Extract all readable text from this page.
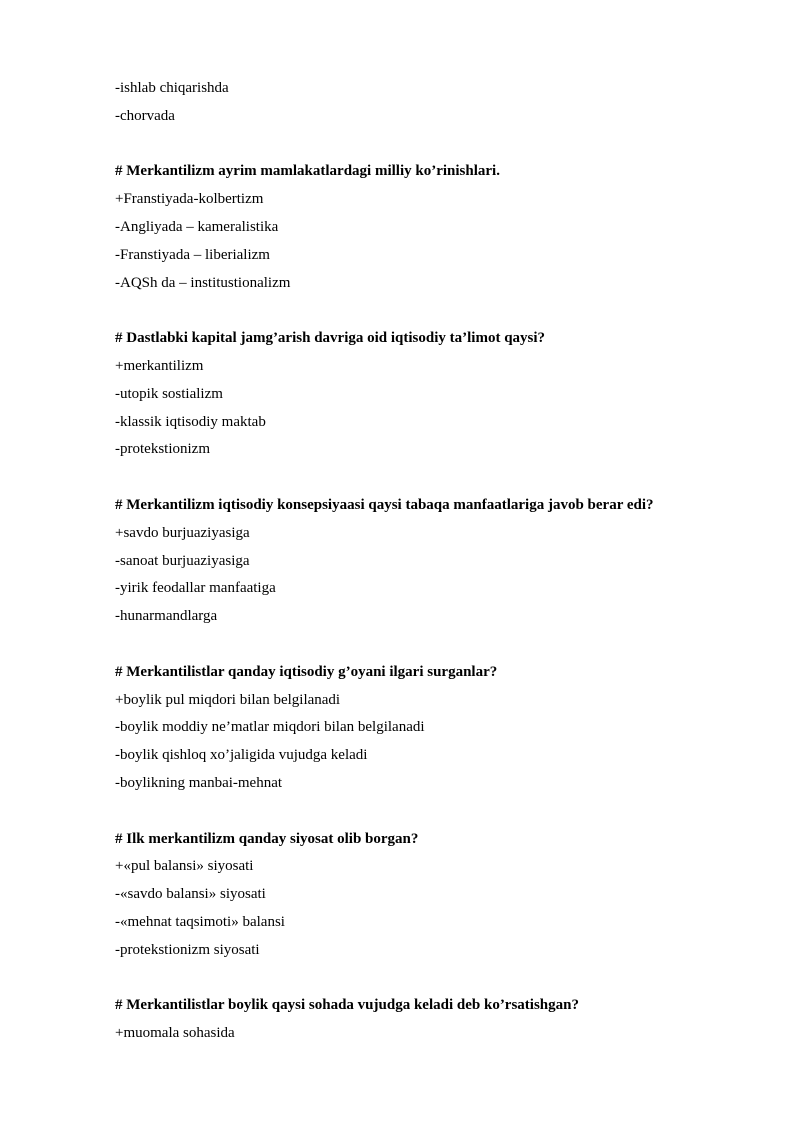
-ishlab chiqarishda
-chorvada
# Merkantilizm ayrim mamlakatlardagi milliy ko’rinishlari.
+Franstiyada-kolbertizm
-Angliyada – kameralistika
-Franstiyada – liberializm
-AQSh da – institustionalizm
# Dastlabki kapital jamg’arish davriga oid iqtisodiy ta’limot qaysi?
+merkantilizm
-utopik sostializm
-klassik iqtisodiy maktab
-protekstionizm
# Merkantilizm iqtisodiy konsepsiyaasi qaysi tabaqa manfaatlariga javob berar edi?
+savdo burjuaziyasiga
-sanoat burjuaziyasiga
-yirik feodallar manfaatiga
-hunarmandlarga
# Merkantilistlar qanday iqtisodiy g’oyani ilgari surganlar?
+boylik pul miqdori bilan belgilanadi
-boylik moddiy ne’matlar miqdori bilan belgilanadi
-boylik qishloq xo’jaligida vujudga keladi
-boylikning manbai-mehnat
# Ilk merkantilizm qanday siyosat olib borgan?
+«pul balansi» siyosati
-«savdo balansi» siyosati
-«mehnat taqsimoti» balansi
-protekstionizm siyosati
# Merkantilistlar boylik qaysi sohada vujudga keladi deb ko’rsatishgan?
+muomala sohasida
